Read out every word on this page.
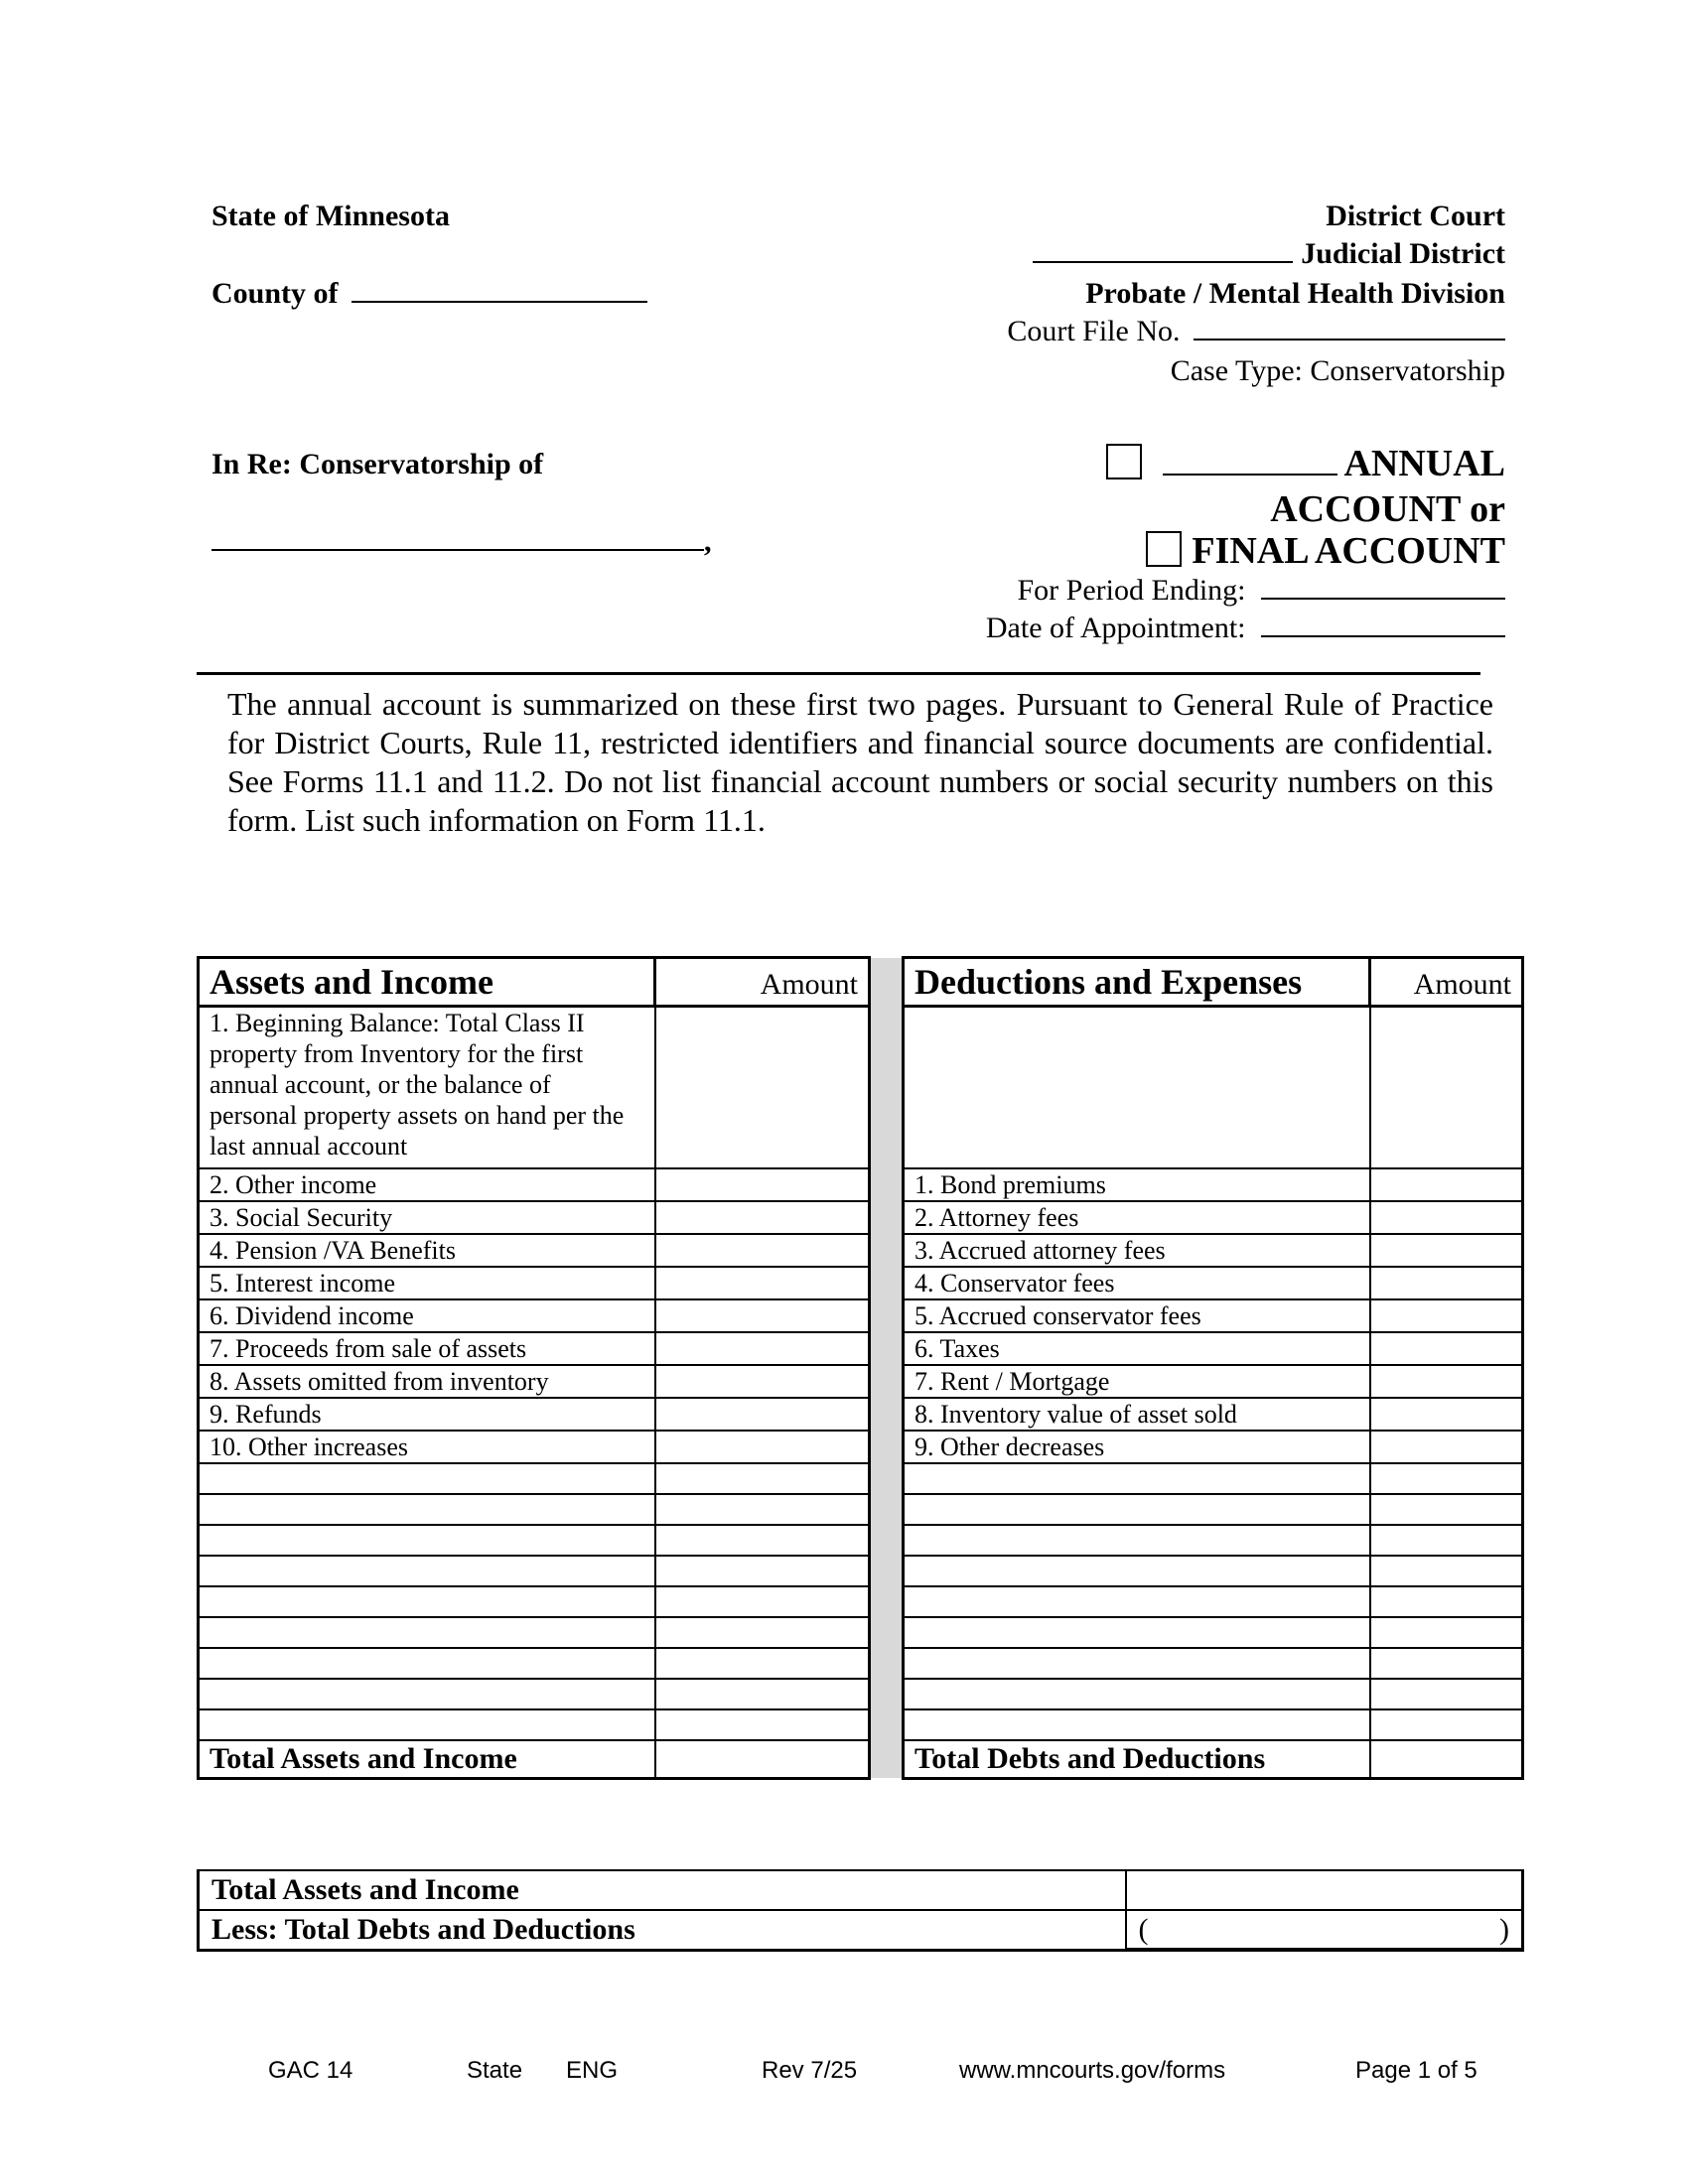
State of Minnesota
County of
District Court
Judicial District
Probate / Mental Health Division
Court File No.
Case Type: Conservatorship
In Re: Conservatorship of
,
ANNUAL
ACCOUNT or
FINAL ACCOUNT
For Period Ending:
Date of Appointment:
The annual account is summarized on these first two pages. Pursuant to General Rule of Practice for District Courts, Rule 11, restricted identifiers and financial source documents are confidential. See Forms 11.1 and 11.2. Do not list financial account numbers or social security numbers on this form. List such information on Form 11.1.
Assets and Income	Amount		Deductions and Expenses	Amount
1. Beginning Balance: Total Class II property from Inventory for the first annual account, or the balance of personal property assets on hand per the last annual account				
2. Other income			1. Bond premiums	
3. Social Security			2. Attorney fees	
4. Pension /VA Benefits			3. Accrued attorney fees	
5. Interest income			4. Conservator fees	
6. Dividend income			5. Accrued conservator fees	
7. Proceeds from sale of assets			6. Taxes	
8. Assets omitted from inventory			7. Rent / Mortgage	
9. Refunds			8. Inventory value of asset sold	
10. Other increases			9. Other decreases	

Total Assets and Income			Total Debts and Deductions	
Total Assets and Income	
Less: Total Debts and Deductions	( )
GAC 14	State ENG	Rev 7/25	www.mncourts.gov/forms	Page 1 of 5
